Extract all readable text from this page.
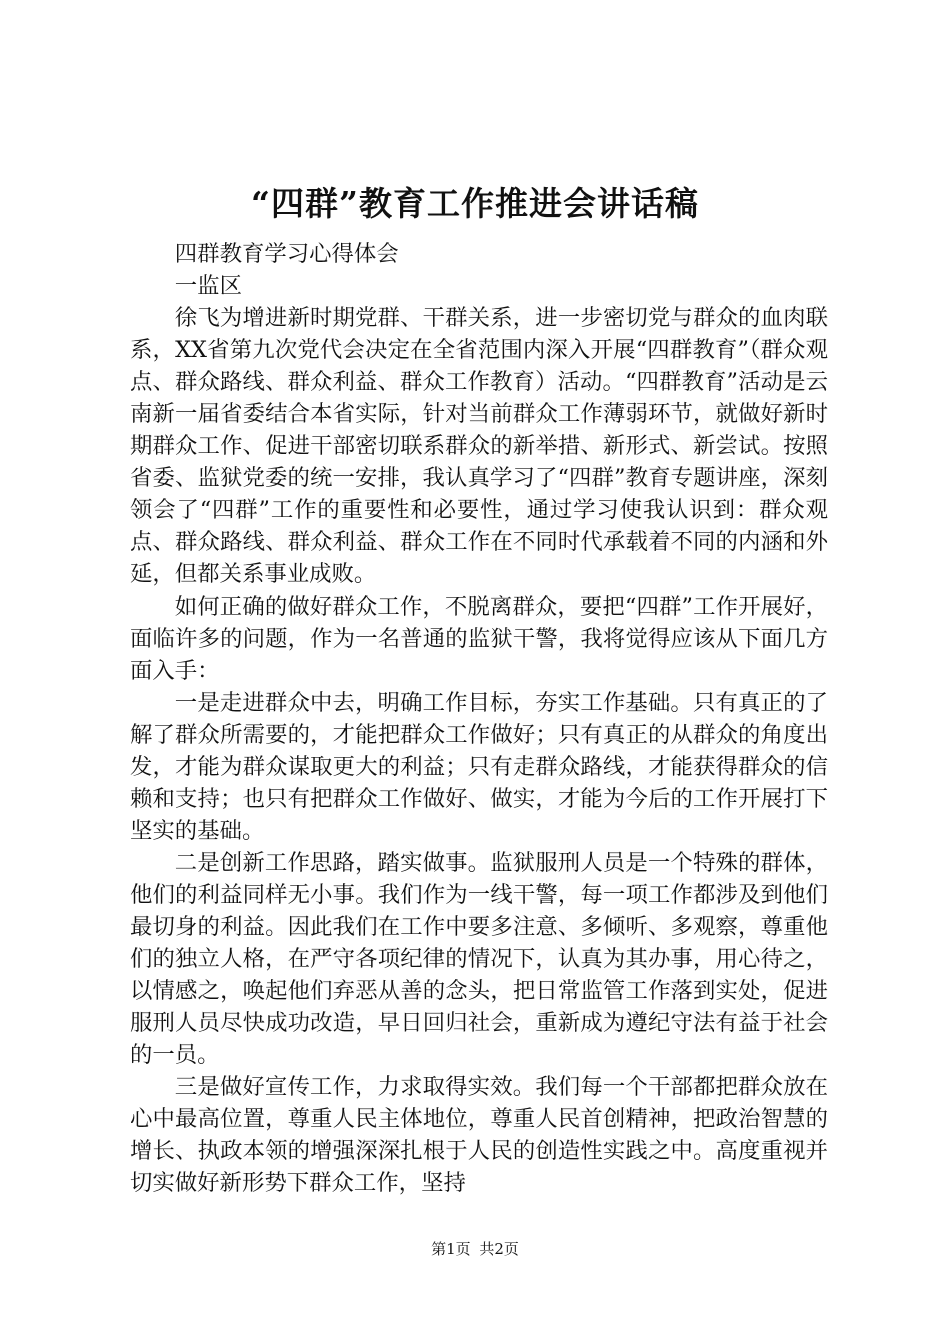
“四群”教育工作推进会讲话稿

四群教育学习心得体会

一监区

徐飞为增进新时期党群、干群关系，进一步密切党与群众的血肉联系，XX省第九次党代会决定在全省范围内深入开展“四群教育”（群众观点、群众路线、群众利益、群众工作教育）活动。“四群教育”活动是云南新一届省委结合本省实际，针对当前群众工作薄弱环节，就做好新时期群众工作、促进干部密切联系群众的新举措、新形式、新尝试。按照省委、监狱党委的统一安排，我认真学习了“四群”教育专题讲座，深刻领会了“四群”工作的重要性和必要性，通过学习使我认识到：群众观点、群众路线、群众利益、群众工作在不同时代承载着不同的内涵和外延，但都关系事业成败。

如何正确的做好群众工作，不脱离群众，要把“四群”工作开展好，面临许多的问题，作为一名普通的监狱干警，我将觉得应该从下面几方面入手：

一是走进群众中去，明确工作目标，夯实工作基础。只有真正的了解了群众所需要的，才能把群众工作做好；只有真正的从群众的角度出发，才能为群众谋取更大的利益；只有走群众路线，才能获得群众的信赖和支持；也只有把群众工作做好、做实，才能为今后的工作开展打下坚实的基础。

二是创新工作思路，踏实做事。监狱服刑人员是一个特殊的群体，他们的利益同样无小事。我们作为一线干警，每一项工作都涉及到他们最切身的利益。因此我们在工作中要多注意、多倾听、多观察，尊重他们的独立人格，在严守各项纪律的情况下，认真为其办事，用心待之，以情感之，唤起他们弃恶从善的念头，把日常监管工作落到实处，促进服刑人员尽快成功改造，早日回归社会，重新成为遵纪守法有益于社会的一员。

三是做好宣传工作，力求取得实效。我们每一个干部都把群众放在心中最高位置，尊重人民主体地位，尊重人民首创精神，把政治智慧的增长、执政本领的增强深深扎根于人民的创造性实践之中。高度重视并切实做好新形势下群众工作，坚持

第1页 共2页
